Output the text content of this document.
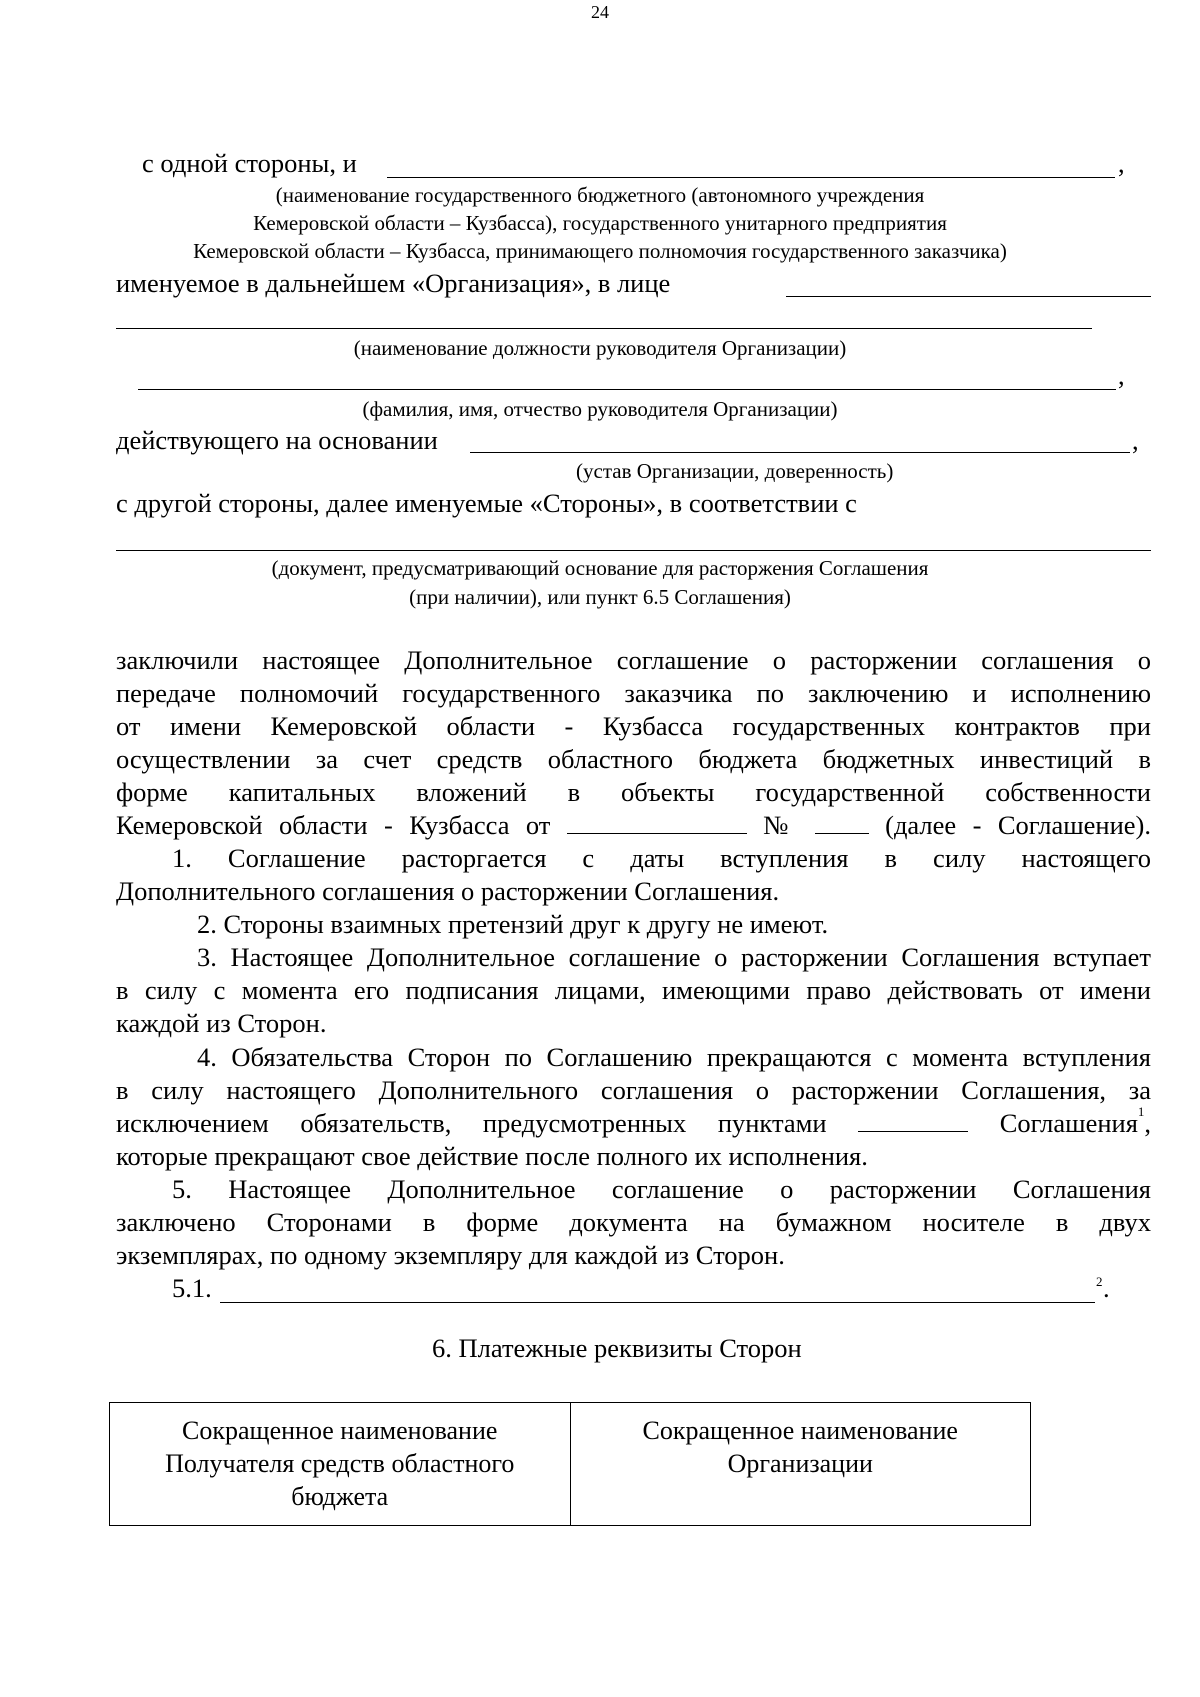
24
с одной стороны, и	,
(наименование государственного бюджетного (автономного учреждения
Кемеровской области – Кузбасса), государственного унитарного предприятия
Кемеровской области – Кузбасса, принимающего полномочия государственного заказчика)
именуемое в дальнейшем «Организация», в лице
(наименование должности руководителя Организации)
,
(фамилия, имя, отчество руководителя Организации)
действующего на основании	,
(устав Организации, доверенность)
с другой стороны, далее именуемые «Стороны», в соответствии с
(документ, предусматривающий основание для расторжения Соглашения
(при наличии), или пункт 6.5 Соглашения)
заключили настоящее Дополнительное соглашение о расторжении соглашения о
передаче полномочий государственного заказчика по заключению и исполнению
от имени Кемеровской области - Кузбасса государственных контрактов при
осуществлении за счет средств областного бюджета бюджетных инвестиций в
форме капитальных вложений в объекты государственной собственности
Кемеровской области - Кузбасса от	№	(далее - Соглашение).
1. Соглашение расторгается с даты вступления в силу настоящего
Дополнительного соглашения о расторжении Соглашения.
2. Стороны взаимных претензий друг к другу не имеют.
3. Настоящее Дополнительное соглашение о расторжении Соглашения вступает
в силу с момента его подписания лицами, имеющими право действовать от имени
каждой из Сторон.
4. Обязательства Сторон по Соглашению прекращаются с момента вступления
в силу настоящего Дополнительного соглашения о расторжении Соглашения, за
исключением обязательств, предусмотренных пунктами	Соглашения$^1$,
которые прекращают свое действие после полного их исполнения.
5. Настоящее Дополнительное соглашение о расторжении Соглашения
заключено Сторонами в форме документа на бумажном носителе в двух
экземплярах, по одному экземпляру для каждой из Сторон.
5.1.	2 .
6. Платежные реквизиты Сторон
Сокращенное наименование Получателя средств областного бюджета	Сокращенное наименование Организации
